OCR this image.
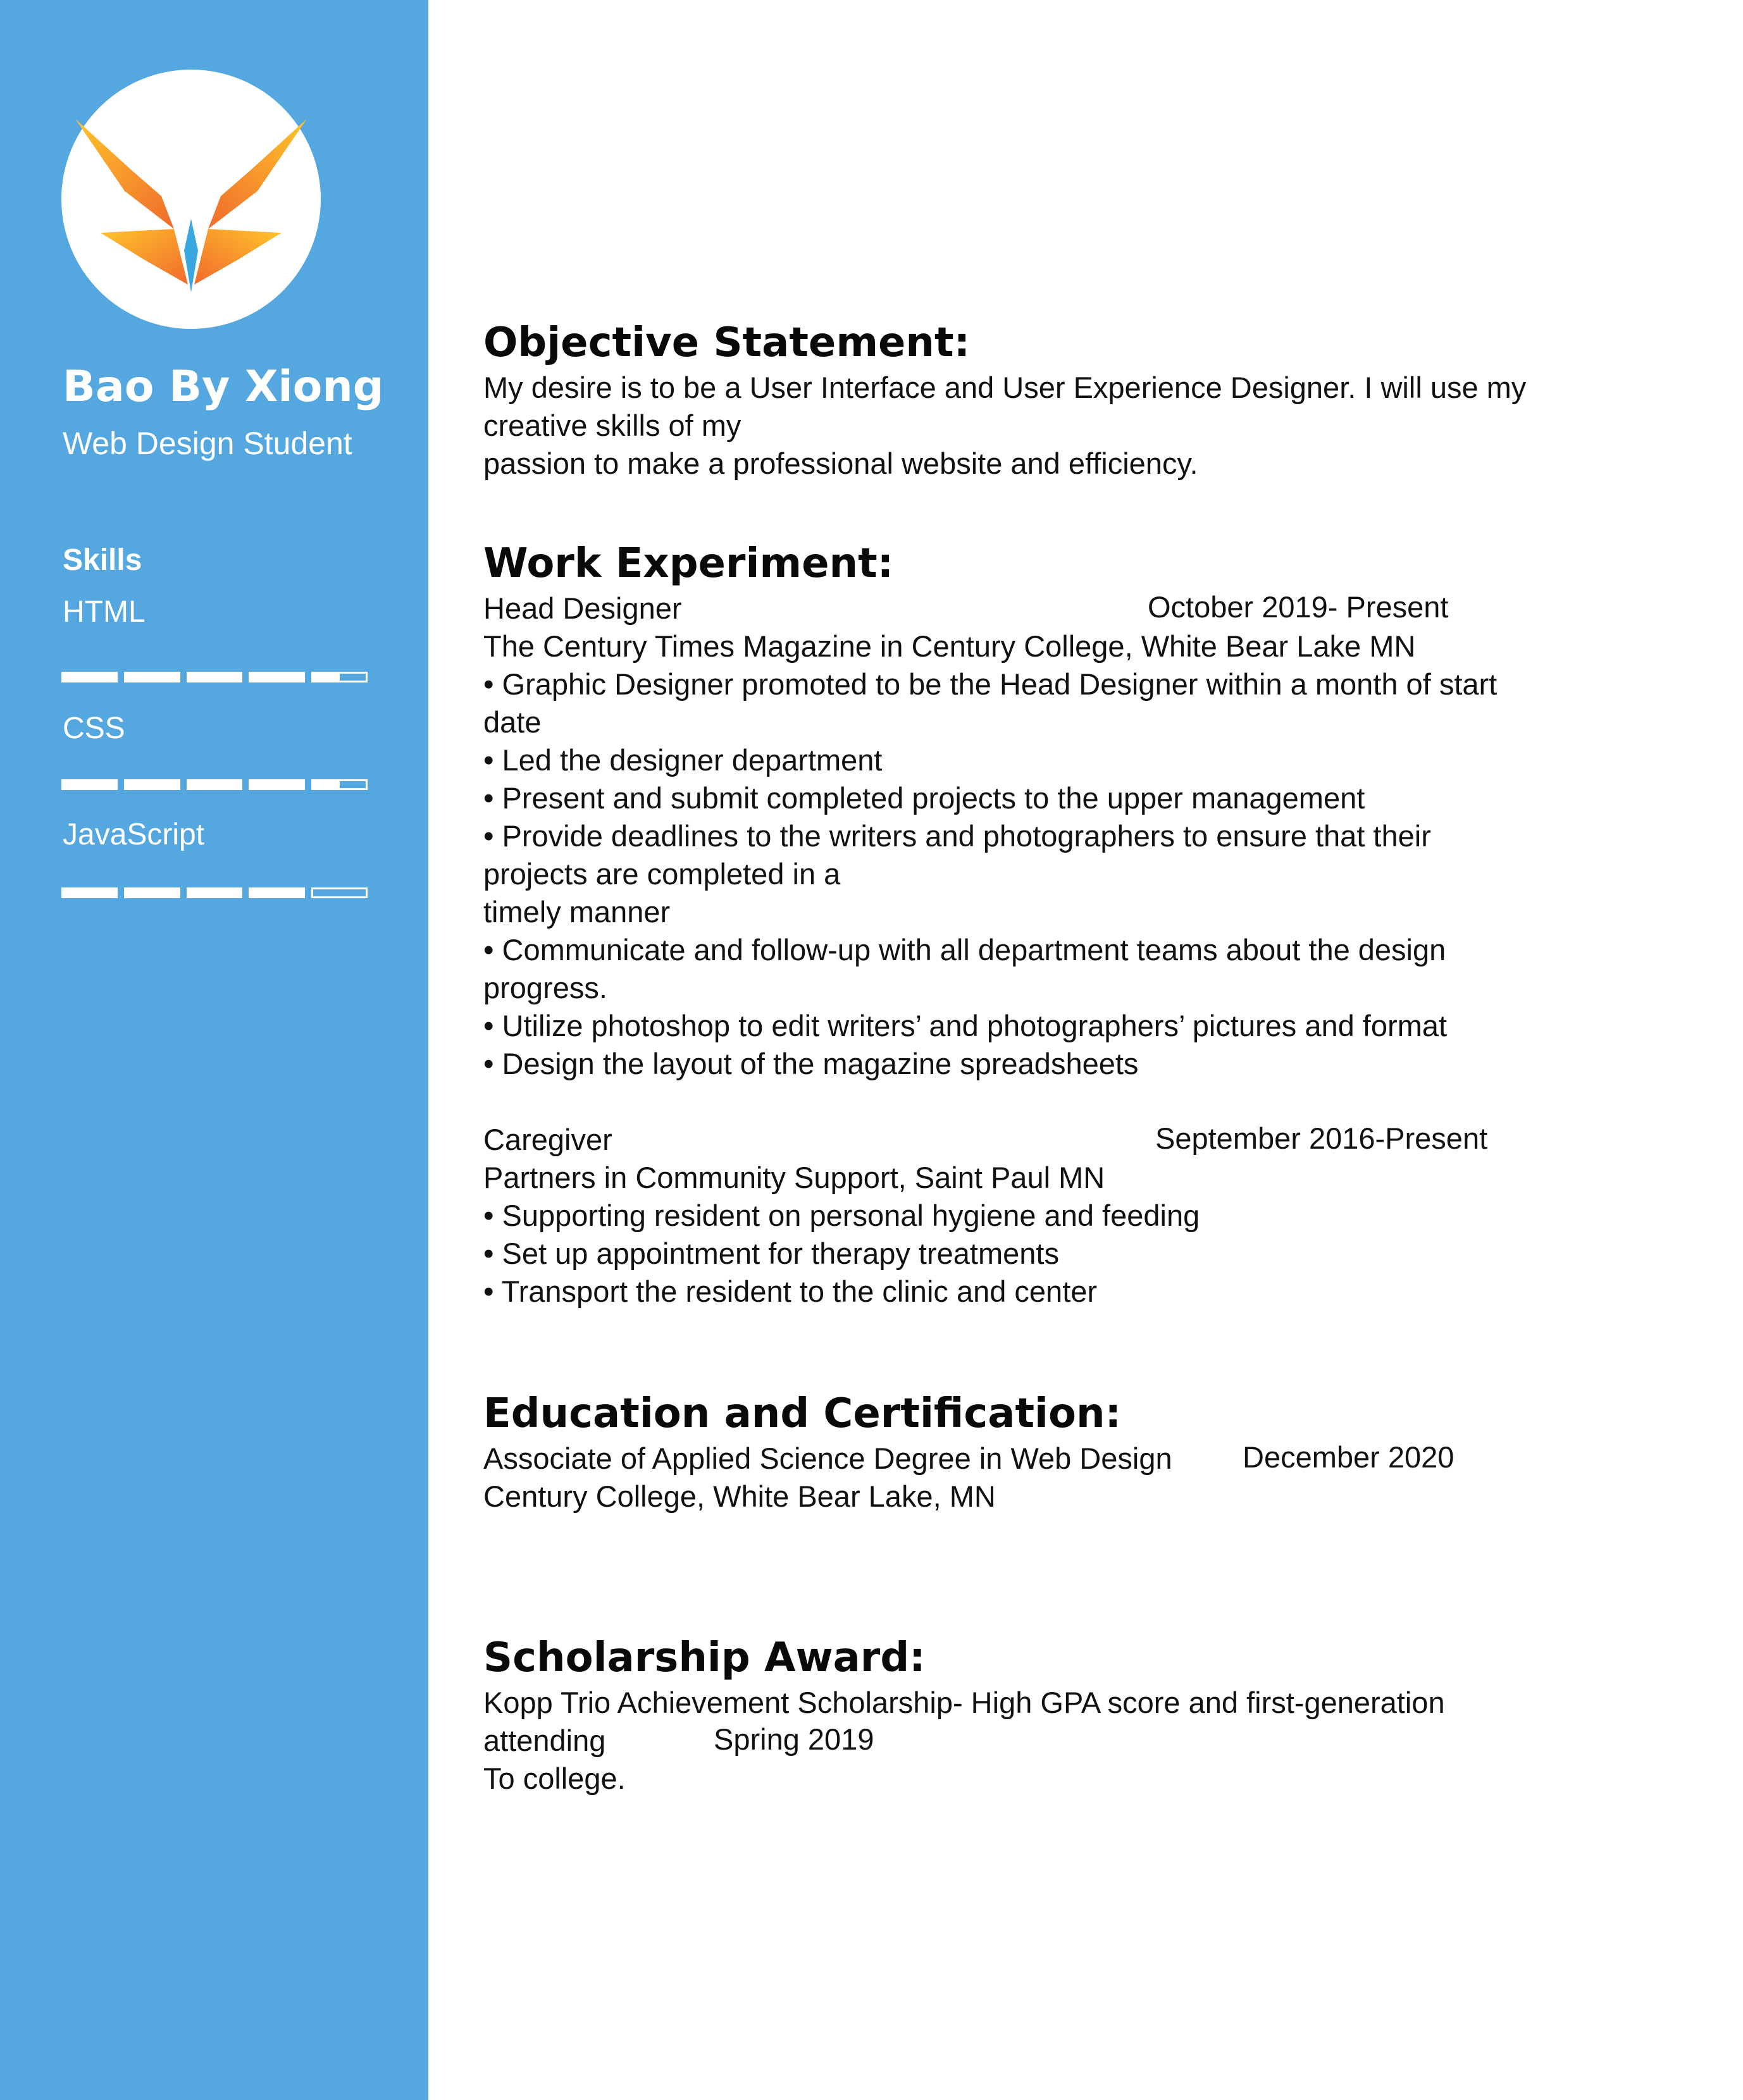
Bao By Xiong
Web Design Student
Skills
HTML
CSS
JavaScript
Objective Statement:
My desire is to be a User Interface and User Experience Designer. I will use my
creative skills of my
passion to make a professional website and efficiency.
Work Experiment:
Head Designer	October 2019- Present
The Century Times Magazine in Century College, White Bear Lake MN
• Graphic Designer promoted to be the Head Designer within a month of start
date
• Led the designer department
• Present and submit completed projects to the upper management
• Provide deadlines to the writers and photographers to ensure that their
projects are completed in a
timely manner
• Communicate and follow-up with all department teams about the design
progress.
• Utilize photoshop to edit writers’ and photographers’ pictures and format
• Design the layout of the magazine spreadsheets
Caregiver	September 2016-Present
Partners in Community Support, Saint Paul MN
• Supporting resident on personal hygiene and feeding
• Set up appointment for therapy treatments
• Transport the resident to the clinic and center
Education and Certification:
Associate of Applied Science Degree in Web Design December 2020
Century College, White Bear Lake, MN
Scholarship Award:
Kopp Trio Achievement Scholarship- High GPA score and first-generation
attending	Spring 2019
To college.
